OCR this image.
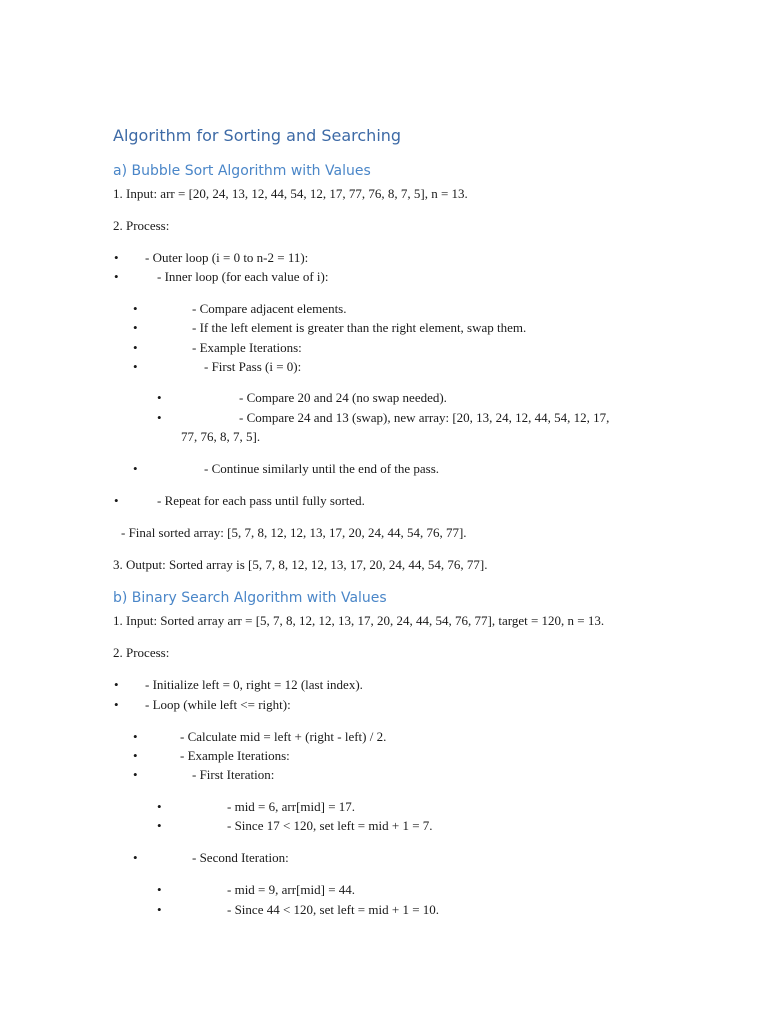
Algorithm for Sorting and Searching
a) Bubble Sort Algorithm with Values
1. Input: arr = [20, 24, 13, 12, 44, 54, 12, 17, 77, 76, 8, 7, 5], n = 13.
2. Process:
• - Outer loop (i = 0 to n-2 = 11):
•	- Inner loop (for each value of i):
•	- Compare adjacent elements.
•	- If the left element is greater than the right element, swap them.
•	- Example Iterations:
•	- First Pass (i = 0):
•	- Compare 20 and 24 (no swap needed).
•	- Compare 24 and 13 (swap), new array: [20, 13, 24, 12, 44, 54, 12, 17,
77, 76, 8, 7, 5].
•	- Continue similarly until the end of the pass.
•	- Repeat for each pass until fully sorted.
- Final sorted array: [5, 7, 8, 12, 12, 13, 17, 20, 24, 44, 54, 76, 77].
3. Output: Sorted array is [5, 7, 8, 12, 12, 13, 17, 20, 24, 44, 54, 76, 77].
b) Binary Search Algorithm with Values
1. Input: Sorted array arr = [5, 7, 8, 12, 12, 13, 17, 20, 24, 44, 54, 76, 77], target = 120, n = 13.
2. Process:
• - Initialize left = 0, right = 12 (last index).
• - Loop (while left <= right):
•	- Calculate mid = left + (right - left) / 2.
•	- Example Iterations:
•	- First Iteration:
•	- mid = 6, arr[mid] = 17.
•	- Since 17 < 120, set left = mid + 1 = 7.
•	- Second Iteration:
•	- mid = 9, arr[mid] = 44.
•	- Since 44 < 120, set left = mid + 1 = 10.
